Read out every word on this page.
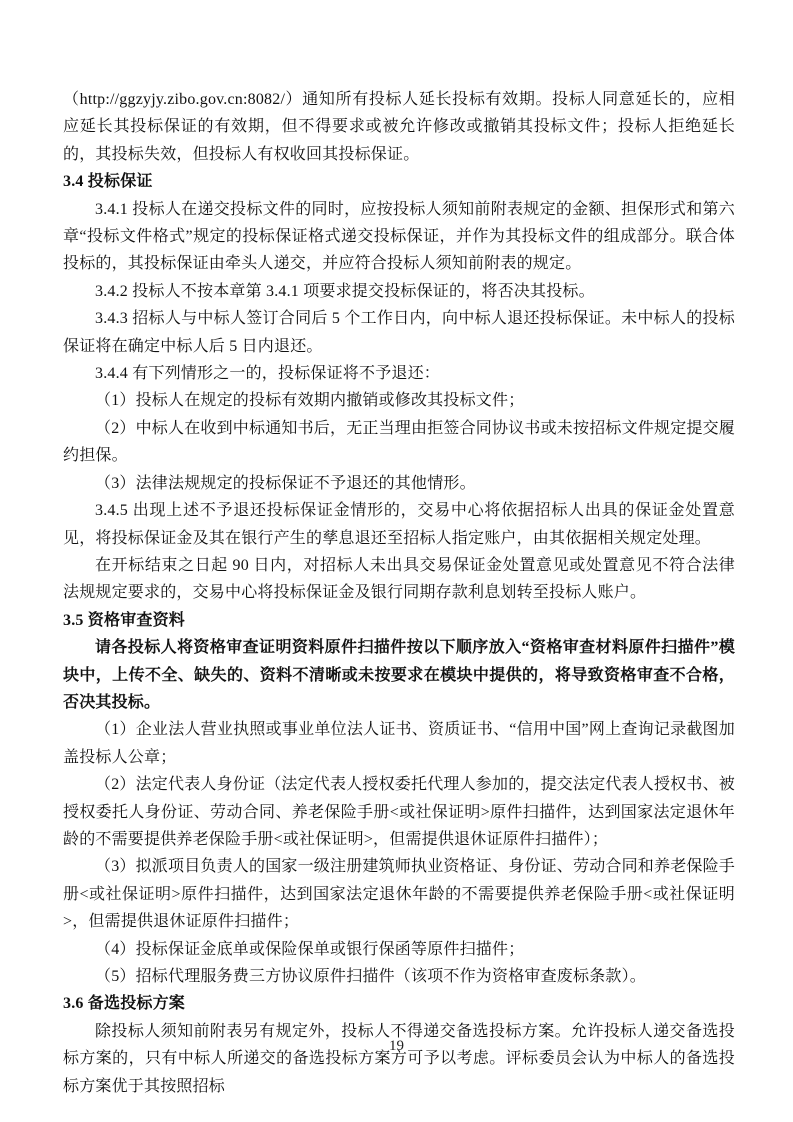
（http://ggzyjy.zibo.gov.cn:8082/）通知所有投标人延长投标有效期。投标人同意延长的，应相应延长其投标保证的有效期，但不得要求或被允许修改或撤销其投标文件；投标人拒绝延长的，其投标失效，但投标人有权收回其投标保证。

3.4 投标保证

3.4.1 投标人在递交投标文件的同时，应按投标人须知前附表规定的金额、担保形式和第六章“投标文件格式”规定的投标保证格式递交投标保证，并作为其投标文件的组成部分。联合体投标的，其投标保证由牵头人递交，并应符合投标人须知前附表的规定。

3.4.2 投标人不按本章第 3.4.1 项要求提交投标保证的，将否决其投标。

3.4.3 招标人与中标人签订合同后 5 个工作日内，向中标人退还投标保证。未中标人的投标保证将在确定中标人后 5 日内退还。

3.4.4 有下列情形之一的，投标保证将不予退还：

（1）投标人在规定的投标有效期内撤销或修改其投标文件；

（2）中标人在收到中标通知书后，无正当理由拒签合同协议书或未按招标文件规定提交履约担保。

（3）法律法规规定的投标保证不予退还的其他情形。

3.4.5 出现上述不予退还投标保证金情形的，交易中心将依据招标人出具的保证金处置意见，将投标保证金及其在银行产生的孳息退还至招标人指定账户，由其依据相关规定处理。

在开标结束之日起 90 日内，对招标人未出具交易保证金处置意见或处置意见不符合法律法规规定要求的，交易中心将投标保证金及银行同期存款利息划转至投标人账户。

3.5 资格审查资料

请各投标人将资格审查证明资料原件扫描件按以下顺序放入“资格审查材料原件扫描件”模块中，上传不全、缺失的、资料不清晰或未按要求在模块中提供的，将导致资格审查不合格，否决其投标。

（1）企业法人营业执照或事业单位法人证书、资质证书、“信用中国”网上查询记录截图加盖投标人公章；

（2）法定代表人身份证（法定代表人授权委托代理人参加的，提交法定代表人授权书、被授权委托人身份证、劳动合同、养老保险手册<或社保证明>原件扫描件，达到国家法定退休年龄的不需要提供养老保险手册<或社保证明>，但需提供退休证原件扫描件）；

（3）拟派项目负责人的国家一级注册建筑师执业资格证、身份证、劳动合同和养老保险手册<或社保证明>原件扫描件，达到国家法定退休年龄的不需要提供养老保险手册<或社保证明>，但需提供退休证原件扫描件；

（4）投标保证金底单或保险保单或银行保函等原件扫描件；

（5）招标代理服务费三方协议原件扫描件（该项不作为资格审查废标条款）。

3.6 备选投标方案

除投标人须知前附表另有规定外，投标人不得递交备选投标方案。允许投标人递交备选投标方案的，只有中标人所递交的备选投标方案方可予以考虑。评标委员会认为中标人的备选投标方案优于其按照招标

19
